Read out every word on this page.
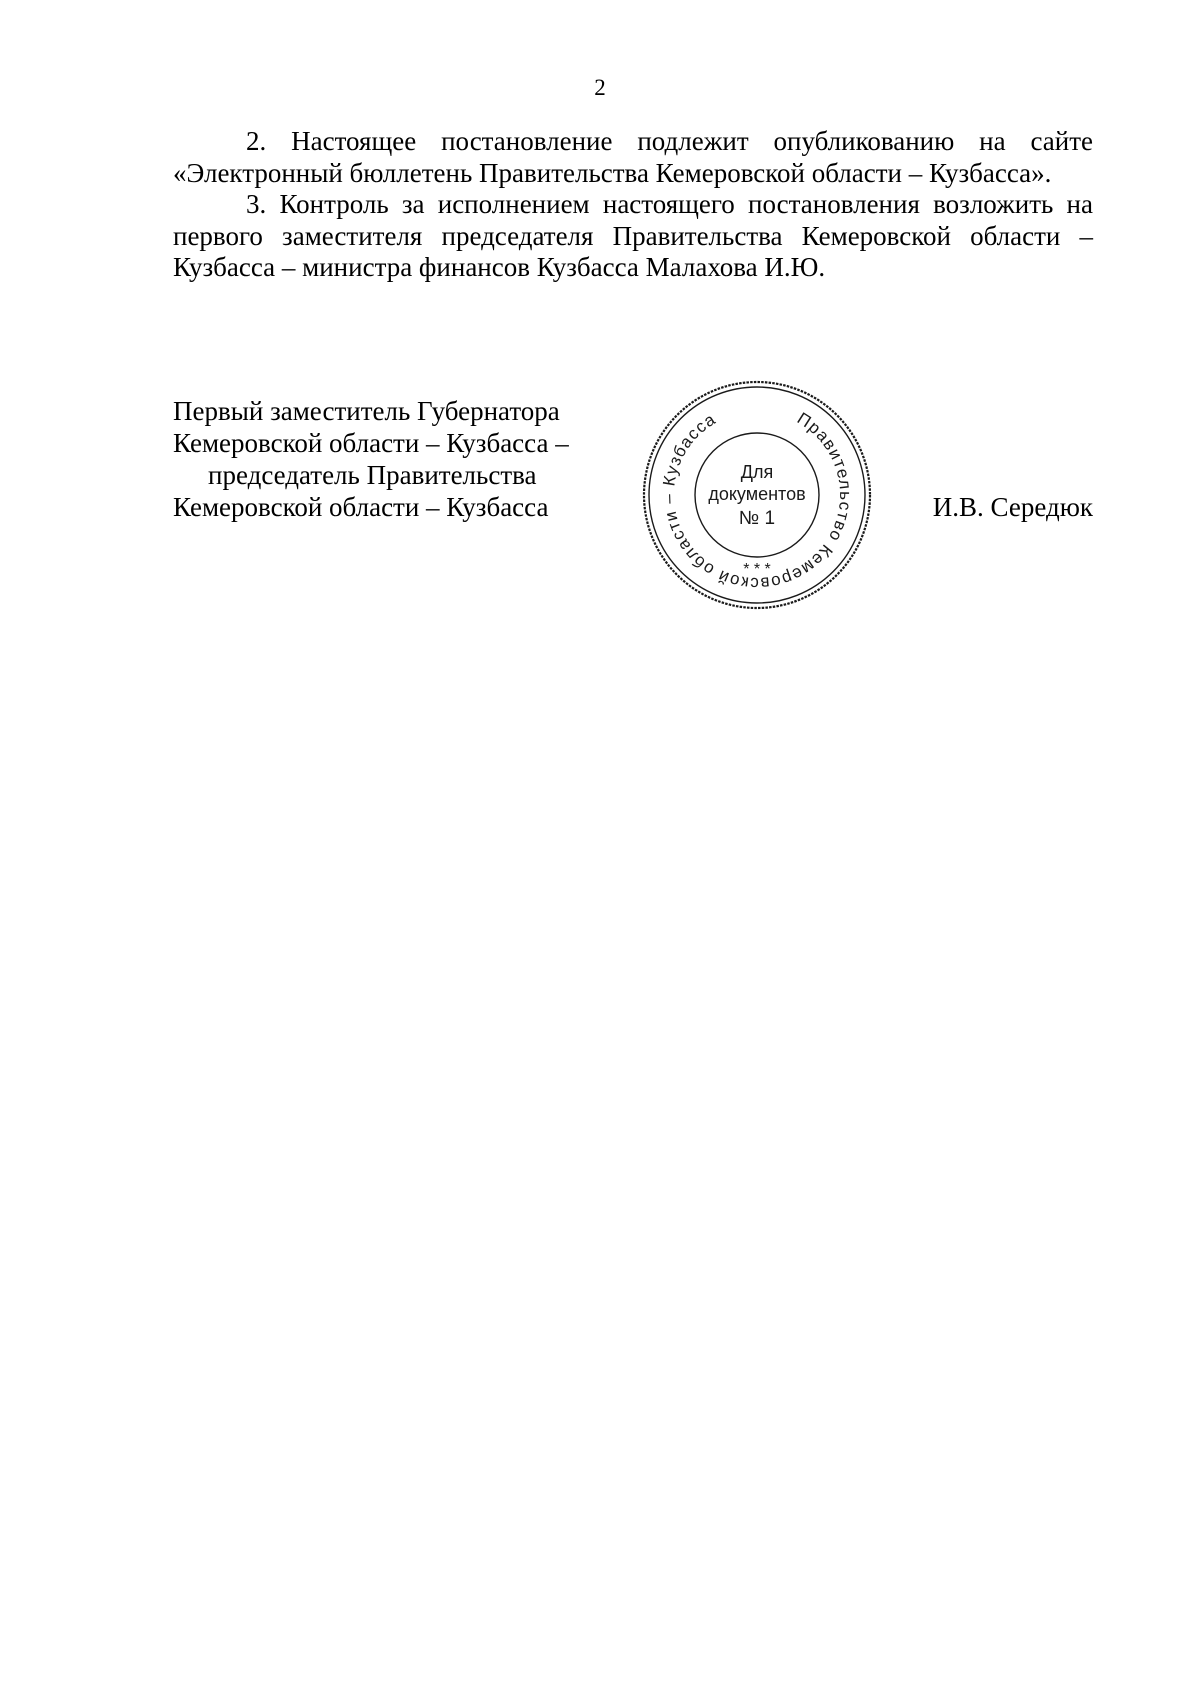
2

2. Настоящее постановление подлежит опубликованию на сайте «Электронный бюллетень Правительства Кемеровской области – Кузбасса».

3. Контроль за исполнением настоящего постановления возложить на первого заместителя председателя Правительства Кемеровской области – Кузбасса – министра финансов Кузбасса Малахова И.Ю.

Первый заместитель Губернатора
Кемеровской области – Кузбасса –
председатель Правительства
Кемеровской области – Кузбасса
Правительство Кемеровской области – Кузбасса
Для
документов
№ 1
* * *
И.В. Середюк
